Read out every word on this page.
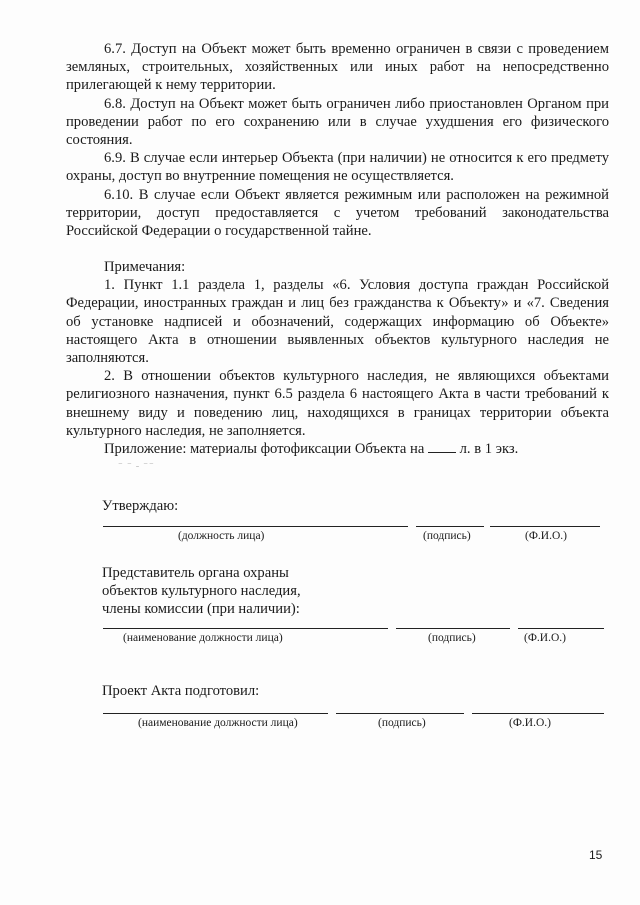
6.7. Доступ на Объект может быть временно ограничен в связи с проведением земляных, строительных, хозяйственных или иных работ на непосредственно прилегающей к нему территории.

6.8. Доступ на Объект может быть ограничен либо приостановлен Органом при проведении работ по его сохранению или в случае ухудшения его физического состояния.

6.9. В случае если интерьер Объекта (при наличии) не относится к его предмету охраны, доступ во внутренние помещения не осуществляется.

6.10. В случае если Объект является режимным или расположен на режимной территории, доступ предоставляется с учетом требований законодательства Российской Федерации о государственной тайне.

Примечания:

1. Пункт 1.1 раздела 1, разделы «6. Условия доступа граждан Российской Федерации, иностранных граждан и лиц без гражданства к Объекту» и «7. Сведения об установке надписей и обозначений, содержащих информацию об Объекте» настоящего Акта в отношении выявленных объектов культурного наследия не заполняются.

2. В отношении объектов культурного наследия, не являющихся объектами религиозного назначения, пункт 6.5 раздела 6 настоящего Акта в части требований к внешнему виду и поведению лиц, находящихся в границах территории объекта культурного наследия, не заполняется.

Приложение: материалы фотофиксации Объекта на л. в 1 экз.

⁻ ⁻ ˗ ⁻⁻
Утверждаю:
(должность лица)	(подпись)	(Ф.И.О.)
Представитель органа охраны
объектов культурного наследия,
члены комиссии (при наличии):
(наименование должности лица)	(подпись)	(Ф.И.О.)
Проект Акта подготовил:
(наименование должности лица)	(подпись)	(Ф.И.О.)
15
